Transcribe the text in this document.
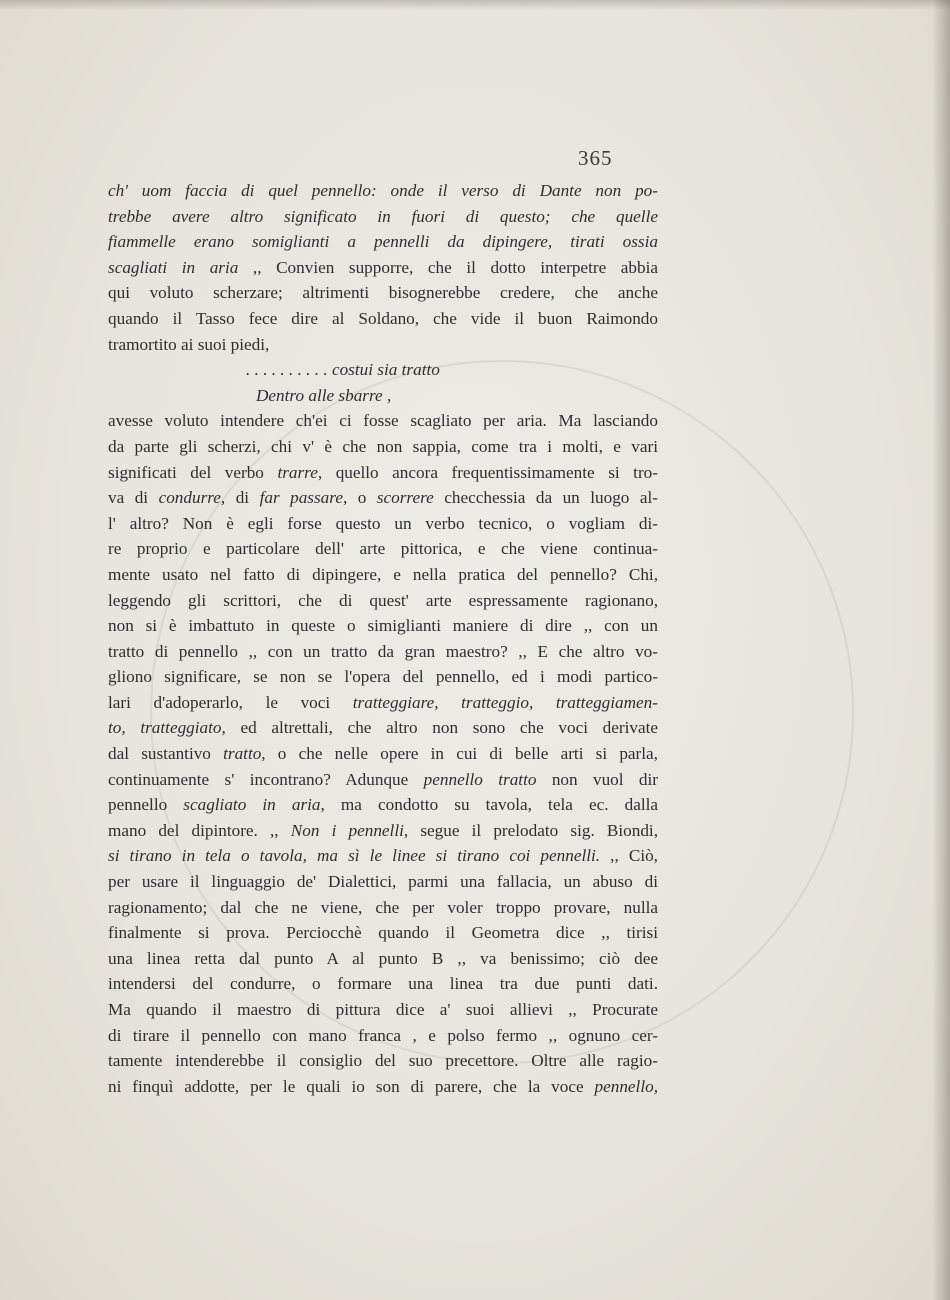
365
ch' uom faccia di quel pennello: onde il verso di Dante non po-
trebbe avere altro significato in fuori di questo; che quelle
fiammelle erano somiglianti a pennelli da dipingere, tirati ossia
scagliati in aria ,, Convien supporre, che il dotto interpetre abbia
qui voluto scherzare; altrimenti bisognerebbe credere, che anche
quando il Tasso fece dire al Soldano, che vide il buon Raimondo
tramortito ai suoi piedi,
. . . . . . . . . . costui sia tratto
Dentro alle sbarre ,
avesse voluto intendere ch'ei ci fosse scagliato per aria. Ma lasciando
da parte gli scherzi, chi v' è che non sappia, come tra i molti, e vari
significati del verbo trarre, quello ancora frequentissimamente si tro-
va di condurre, di far passare, o scorrere checchessia da un luogo al-
l' altro? Non è egli forse questo un verbo tecnico, o vogliam di-
re proprio e particolare dell' arte pittorica, e che viene continua-
mente usato nel fatto di dipingere, e nella pratica del pennello? Chi,
leggendo gli scrittori, che di quest' arte espressamente ragionano,
non si è imbattuto in queste o simiglianti maniere di dire ,, con un
tratto di pennello ,, con un tratto da gran maestro? ,, E che altro vo-
gliono significare, se non se l'opera del pennello, ed i modi partico-
lari d'adoperarlo, le voci tratteggiare, tratteggio, tratteggiamen-
to, tratteggiato, ed altrettali, che altro non sono che voci derivate
dal sustantivo tratto, o che nelle opere in cui di belle arti si parla,
continuamente s' incontrano? Adunque pennello tratto non vuol dir
pennello scagliato in aria, ma condotto su tavola, tela ec. dalla
mano del dipintore. ,, Non i pennelli, segue il prelodato sig. Biondi,
si tirano in tela o tavola, ma sì le linee si tirano coi pennelli. ,, Ciò,
per usare il linguaggio de' Dialettici, parmi una fallacia, un abuso di
ragionamento; dal che ne viene, che per voler troppo provare, nulla
finalmente si prova. Perciocchè quando il Geometra dice ,, tirisi
una linea retta dal punto A al punto B ,, va benissimo; ciò dee
intendersi del condurre, o formare una linea tra due punti dati.
Ma quando il maestro di pittura dice a' suoi allievi ,, Procurate
di tirare il pennello con mano franca , e polso fermo ,, ognuno cer-
tamente intenderebbe il consiglio del suo precettore. Oltre alle ragio-
ni finquì addotte, per le quali io son di parere, che la voce pennello,
